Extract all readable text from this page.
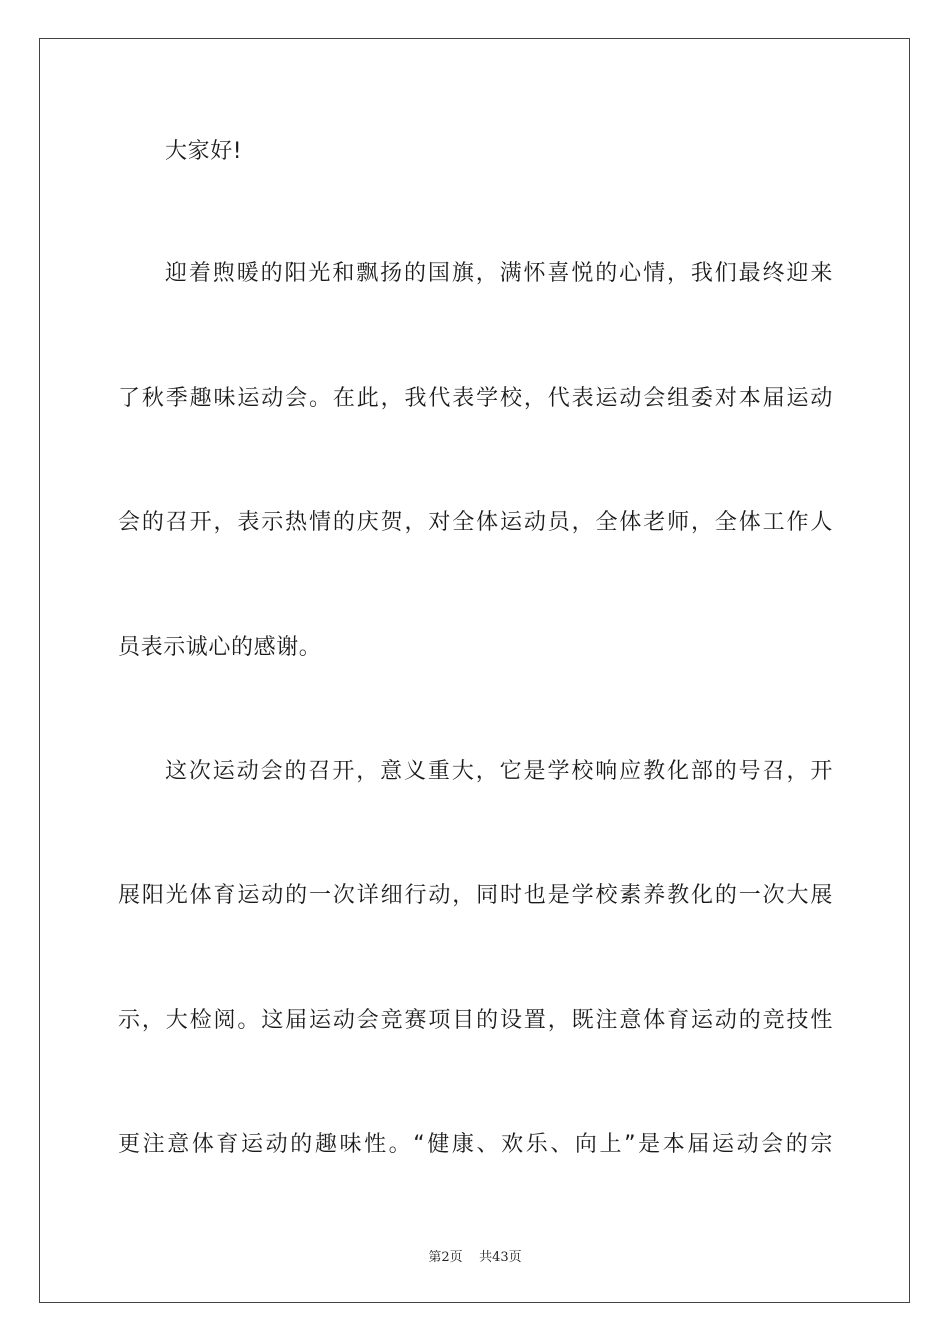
大家好!
迎着煦暖的阳光和飘扬的国旗，满怀喜悦的心情，我们最终迎来
了秋季趣味运动会。在此，我代表学校，代表运动会组委对本届运动
会的召开，表示热情的庆贺，对全体运动员，全体老师，全体工作人
员表示诚心的感谢。
这次运动会的召开，意义重大，它是学校响应教化部的号召，开
展阳光体育运动的一次详细行动，同时也是学校素养教化的一次大展
示，大检阅。这届运动会竞赛项目的设置，既注意体育运动的竞技性
更注意体育运动的趣味性。“健康、欢乐、向上”是本届运动会的宗
第2页 共43页
